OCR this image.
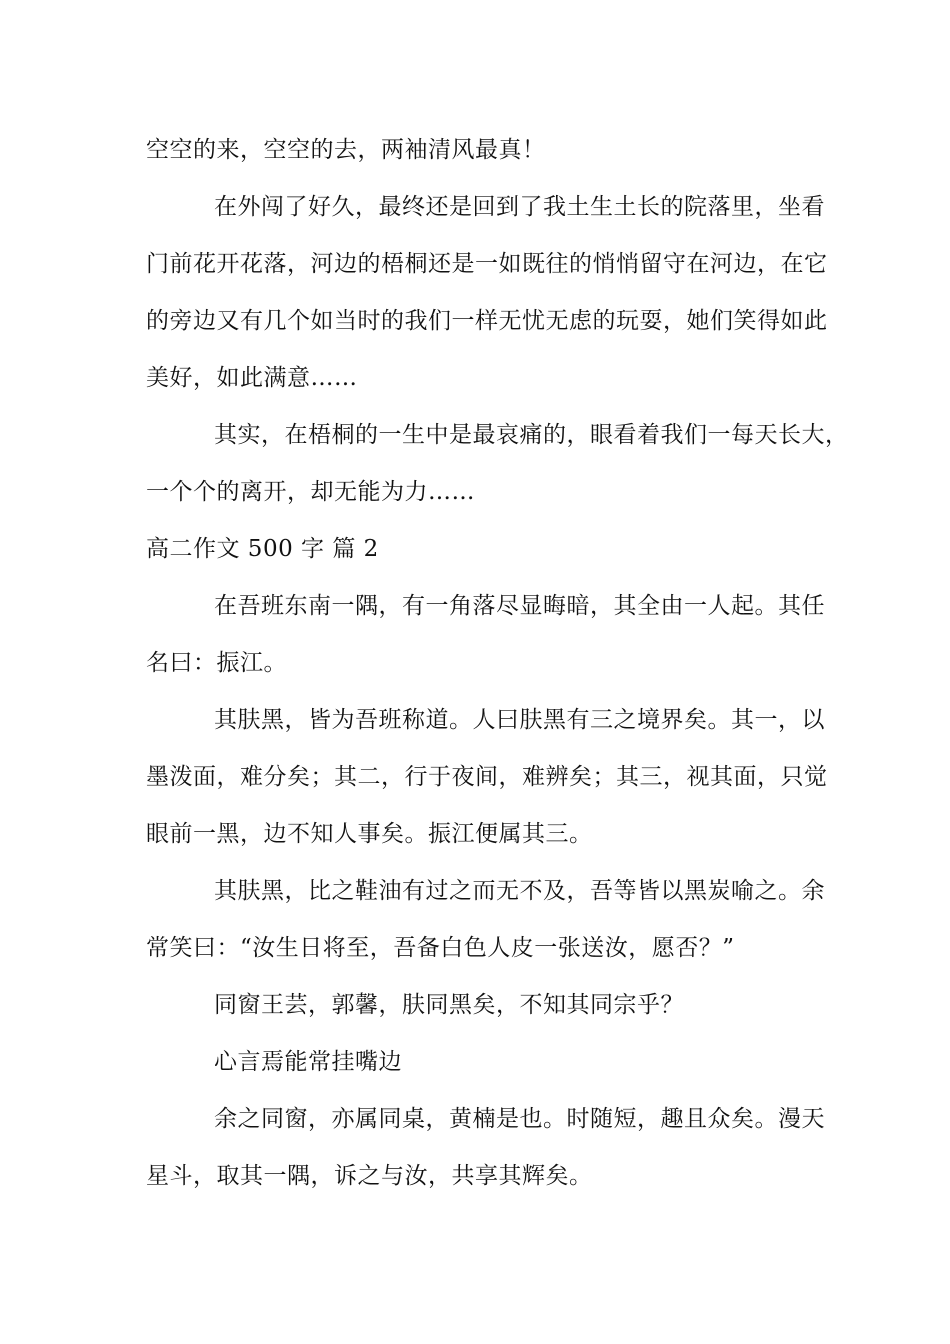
空空的来，空空的去，两袖清风最真！
在外闯了好久，最终还是回到了我土生土长的院落里，坐看
门前花开花落，河边的梧桐还是一如既往的悄悄留守在河边，在它
的旁边又有几个如当时的我们一样无忧无虑的玩耍，她们笑得如此
美好，如此满意……
其实，在梧桐的一生中是最哀痛的，眼看着我们一每天长大，
一个个的离开，却无能为力……
高二作文 500 字 篇 2
在吾班东南一隅，有一角落尽显晦暗，其全由一人起。其任
名曰：振江。
其肤黑，皆为吾班称道。人曰肤黑有三之境界矣。其一，以
墨泼面，难分矣；其二，行于夜间，难辨矣；其三，视其面，只觉
眼前一黑，边不知人事矣。振江便属其三。
其肤黑，比之鞋油有过之而无不及，吾等皆以黑炭喻之。余
常笑曰：“汝生日将至，吾备白色人皮一张送汝，愿否？”
同窗王芸，郭馨，肤同黑矣，不知其同宗乎？
心言焉能常挂嘴边
余之同窗，亦属同桌，黄楠是也。时随短，趣且众矣。漫天
星斗，取其一隅，诉之与汝，共享其辉矣。
